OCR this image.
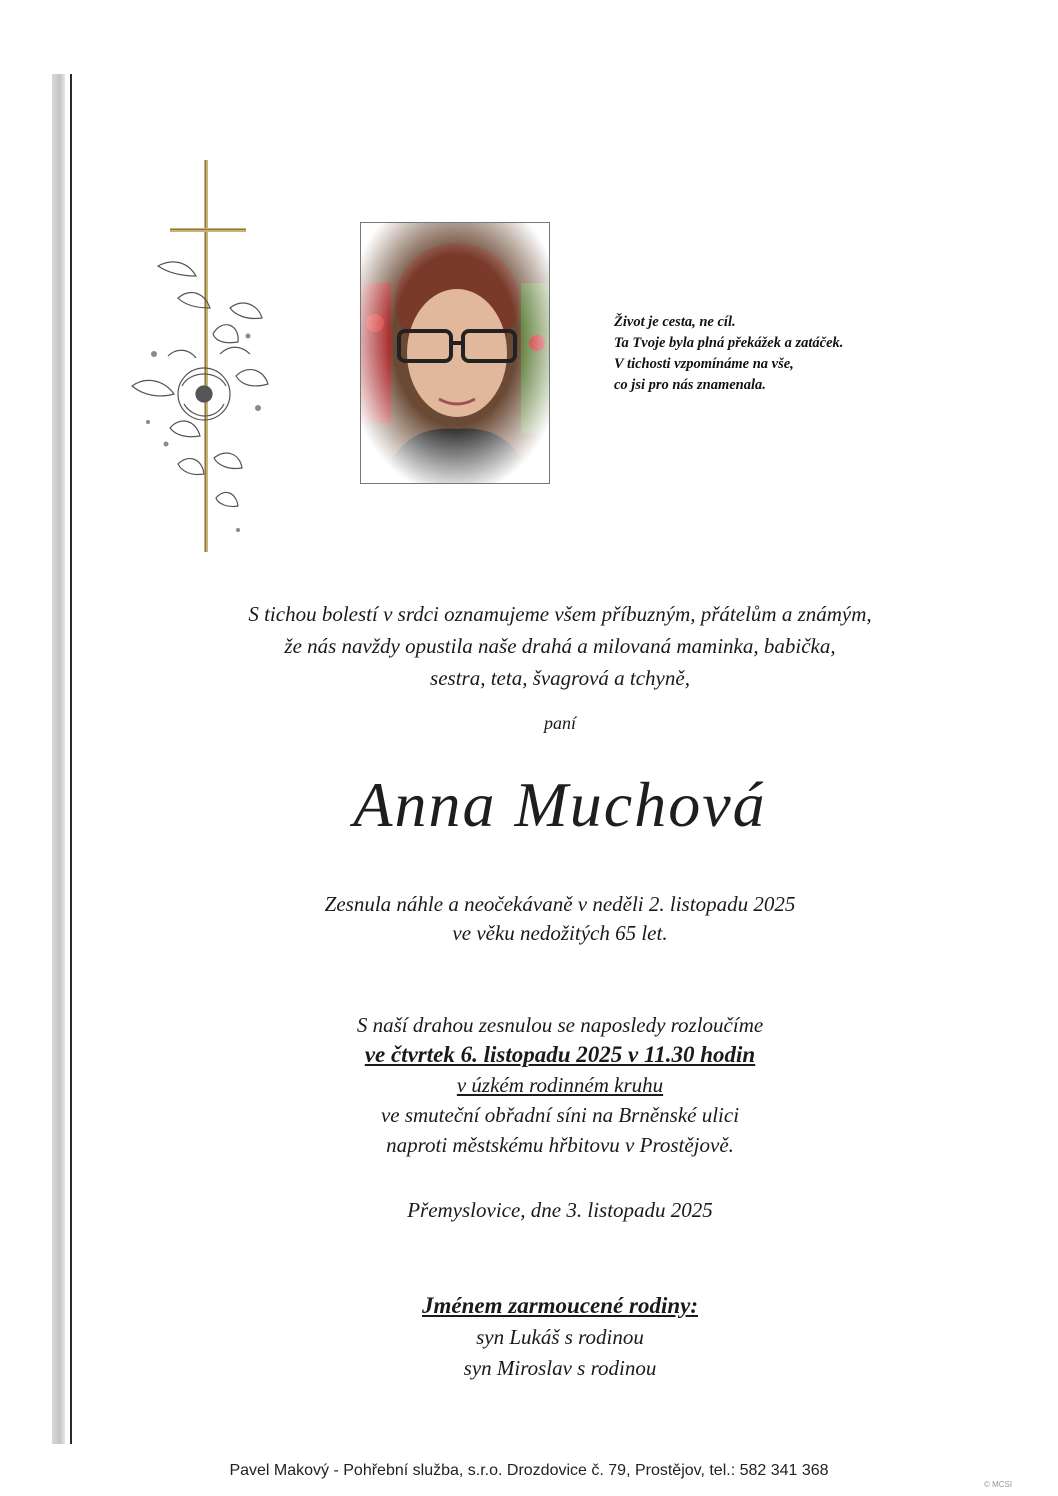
Život je cesta, ne cíl.
Ta Tvoje byla plná překážek a zatáček.
V tichosti vzpomínáme na vše,
co jsi pro nás znamenala.
S tichou bolestí v srdci oznamujeme všem příbuzným, přátelům a známým,
že nás navždy opustila naše drahá a milovaná maminka, babička,
sestra, teta, švagrová a tchyně,
paní
Anna Muchová
Zesnula náhle a neočekávaně v neděli 2. listopadu 2025
ve věku nedožitých 65 let.
S naší drahou zesnulou se naposledy rozloučíme
ve čtvrtek 6. listopadu 2025 v 11.30 hodin
v úzkém rodinném kruhu
ve smuteční obřadní síni na Brněnské ulici
naproti městskému hřbitovu v Prostějově.
Přemyslovice, dne 3. listopadu 2025
Jménem zarmoucené rodiny:
syn Lukáš s rodinou
syn Miroslav s rodinou
Pavel Makový - Pohřební služba, s.r.o. Drozdovice č. 79, Prostějov, tel.: 582 341 368
© MCSI
